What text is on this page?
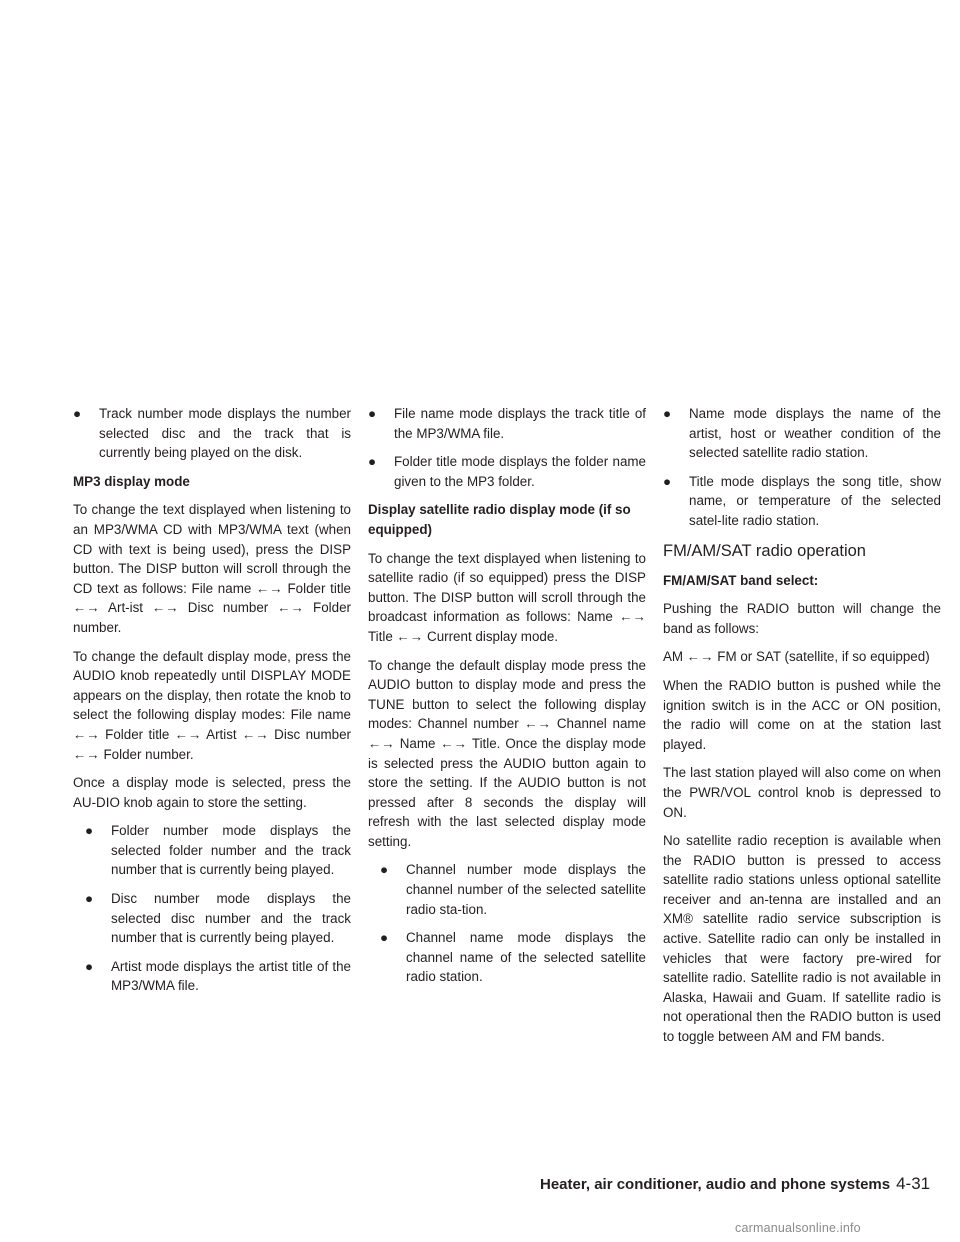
● Track number mode displays the number selected disc and the track that is currently being played on the disk.
MP3 display mode

To change the text displayed when listening to an MP3/WMA CD with MP3/WMA text (when CD with text is being used), press the DISP button. The DISP button will scroll through the CD text as follows: File name ←→ Folder title ←→ Art-ist ←→ Disc number ←→ Folder number.

To change the default display mode, press the AUDIO knob repeatedly until DISPLAY MODE appears on the display, then rotate the knob to select the following display modes: File name ←→ Folder title ←→ Artist ←→ Disc number ←→ Folder number.

Once a display mode is selected, press the AU-DIO knob again to store the setting.

● Folder number mode displays the selected folder number and the track number that is currently being played.
● Disc number mode displays the selected disc number and the track number that is currently being played.
● Artist mode displays the artist title of the MP3/WMA file.
● File name mode displays the track title of the MP3/WMA file.
● Folder title mode displays the folder name given to the MP3 folder.
Display satellite radio display mode (if so equipped)

To change the text displayed when listening to satellite radio (if so equipped) press the DISP button. The DISP button will scroll through the broadcast information as follows: Name ←→ Title ←→ Current display mode.

To change the default display mode press the AUDIO button to display mode and press the TUNE button to select the following display modes: Channel number ←→ Channel name ←→ Name ←→ Title. Once the display mode is selected press the AUDIO button again to store the setting. If the AUDIO button is not pressed after 8 seconds the display will refresh with the last selected display mode setting.

● Channel number mode displays the channel number of the selected satellite radio sta-tion.
● Channel name mode displays the channel name of the selected satellite radio station.
● Name mode displays the name of the artist, host or weather condition of the selected satellite radio station.
● Title mode displays the song title, show name, or temperature of the selected satel-lite radio station.
FM/AM/SAT radio operation
FM/AM/SAT band select:

Pushing the RADIO button will change the band as follows:

AM ←→ FM or SAT (satellite, if so equipped)

When the RADIO button is pushed while the ignition switch is in the ACC or ON position, the radio will come on at the station last played.

The last station played will also come on when the PWR/VOL control knob is depressed to ON.

No satellite radio reception is available when the RADIO button is pressed to access satellite radio stations unless optional satellite receiver and an-tenna are installed and an XM® satellite radio service subscription is active. Satellite radio can only be installed in vehicles that were factory pre-wired for satellite radio. Satellite radio is not available in Alaska, Hawaii and Guam. If satellite radio is not operational then the RADIO button is used to toggle between AM and FM bands.

Heater, air conditioner, audio and phone systems 4-31
carmanualsonline.info
